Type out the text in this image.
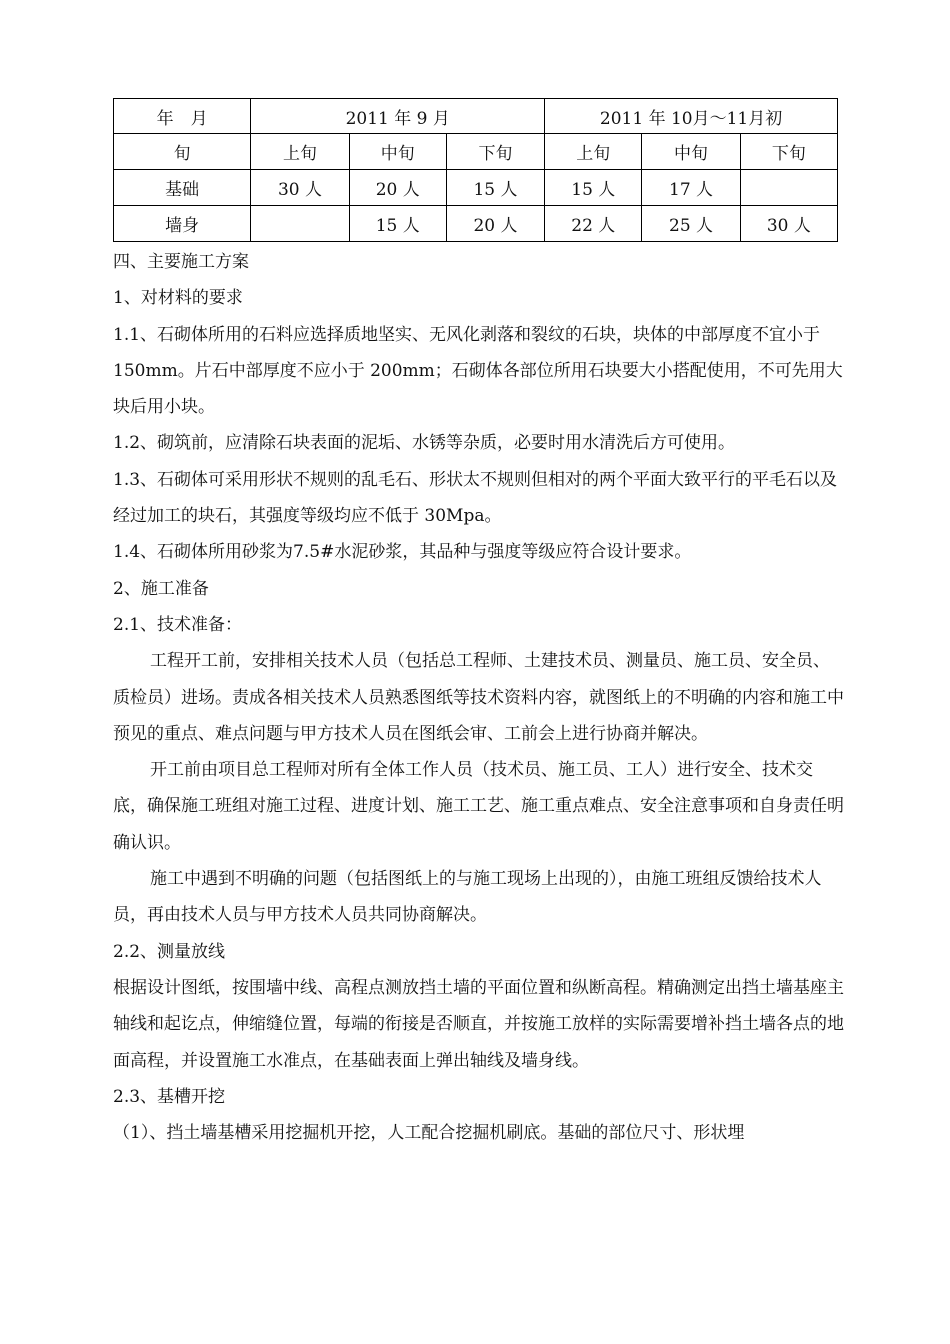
年　月	2011 年 9 月			2011 年 10月～11月初		
旬	上旬	中旬	下旬	上旬	中旬	下旬
基础	30 人	20 人	15 人	15 人	17 人	
墙身		15 人	20 人	22 人	25 人	30 人

四、主要施工方案

1、对材料的要求

1.1、石砌体所用的石料应选择质地坚实、无风化剥落和裂纹的石块，块体的中部厚度不宜小于 150mm。片石中部厚度不应小于 200mm；石砌体各部位所用石块要大小搭配使用，不可先用大块后用小块。

1.2、砌筑前，应清除石块表面的泥垢、水锈等杂质，必要时用水清洗后方可使用。

1.3、石砌体可采用形状不规则的乱毛石、形状太不规则但相对的两个平面大致平行的平毛石以及经过加工的块石，其强度等级均应不低于 30Mpa。

1.4、石砌体所用砂浆为7.5#水泥砂浆，其品种与强度等级应符合设计要求。

2、施工准备

2.1、技术准备：

工程开工前，安排相关技术人员（包括总工程师、土建技术员、测量员、施工员、安全员、质检员）进场。责成各相关技术人员熟悉图纸等技术资料内容，就图纸上的不明确的内容和施工中预见的重点、难点问题与甲方技术人员在图纸会审、工前会上进行协商并解决。

开工前由项目总工程师对所有全体工作人员（技术员、施工员、工人）进行安全、技术交底，确保施工班组对施工过程、进度计划、施工工艺、施工重点难点、安全注意事项和自身责任明确认识。

施工中遇到不明确的问题（包括图纸上的与施工现场上出现的），由施工班组反馈给技术人员，再由技术人员与甲方技术人员共同协商解决。

2.2、测量放线

根据设计图纸，按围墙中线、高程点测放挡土墙的平面位置和纵断高程。精确测定出挡土墙基座主轴线和起讫点，伸缩缝位置，每端的衔接是否顺直，并按施工放样的实际需要增补挡土墙各点的地面高程，并设置施工水准点，在基础表面上弹出轴线及墙身线。

2.3、基槽开挖

（1）、挡土墙基槽采用挖掘机开挖，人工配合挖掘机刷底。基础的部位尺寸、形状埋
